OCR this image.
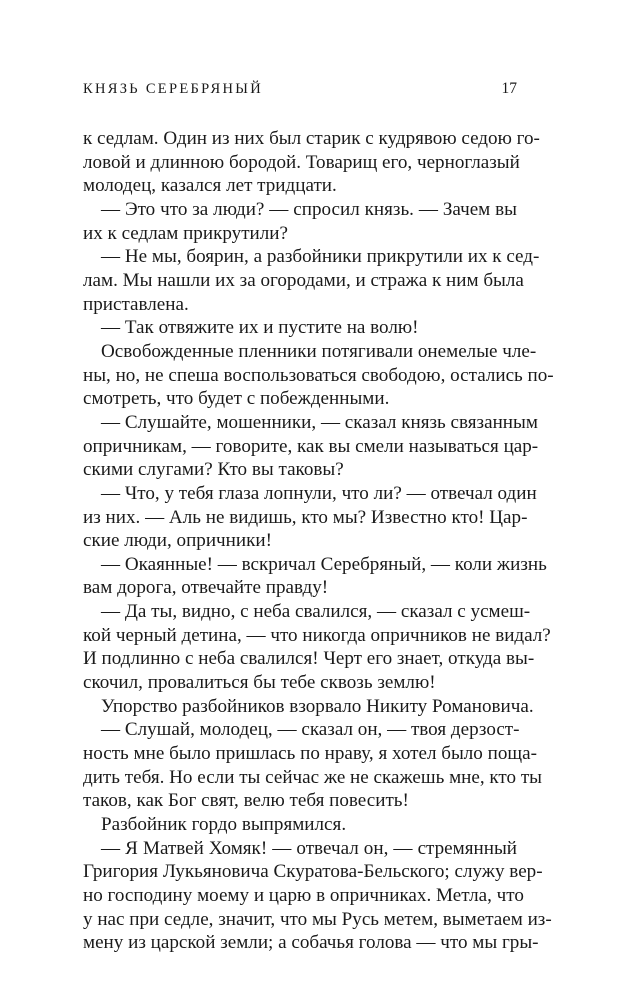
КНЯЗЬ СЕРЕБРЯНЫЙ	17
к седлам. Один из них был старик с кудрявою седою го-
ловой и длинною бородой. Товарищ его, черноглазый
молодец, казался лет тридцати.
— Это что за люди? — спросил князь. — Зачем вы
их к седлам прикрутили?
— Не мы, боярин, а разбойники прикрутили их к сед-
лам. Мы нашли их за огородами, и стража к ним была
приставлена.
— Так отвяжите их и пустите на волю!
Освобожденные пленники потягивали онемелые чле-
ны, но, не спеша воспользоваться свободою, остались по-
смотреть, что будет с побежденными.
— Слушайте, мошенники, — сказал князь связанным
опричникам, — говорите, как вы смели называться цар-
скими слугами? Кто вы таковы?
— Что, у тебя глаза лопнули, что ли? — отвечал один
из них. — Аль не видишь, кто мы? Известно кто! Цар-
ские люди, опричники!
— Окаянные! — вскричал Серебряный, — коли жизнь
вам дорога, отвечайте правду!
— Да ты, видно, с неба свалился, — сказал с усмеш-
кой черный детина, — что никогда опричников не видал?
И подлинно с неба свалился! Черт его знает, откуда вы-
скочил, провалиться бы тебе сквозь землю!
Упорство разбойников взорвало Никиту Романовича.
— Слушай, молодец, — сказал он, — твоя дерзост-
ность мне было пришлась по нраву, я хотел было поща-
дить тебя. Но если ты сейчас же не скажешь мне, кто ты
таков, как Бог свят, велю тебя повесить!
Разбойник гордо выпрямился.
— Я Матвей Хомяк! — отвечал он, — стремянный
Григория Лукьяновича Скуратова-Бельского; служу вер-
но господину моему и царю в опричниках. Метла, что
у нас при седле, значит, что мы Русь метем, выметаем из-
мену из царской земли; а собачья голова — что мы гры-
